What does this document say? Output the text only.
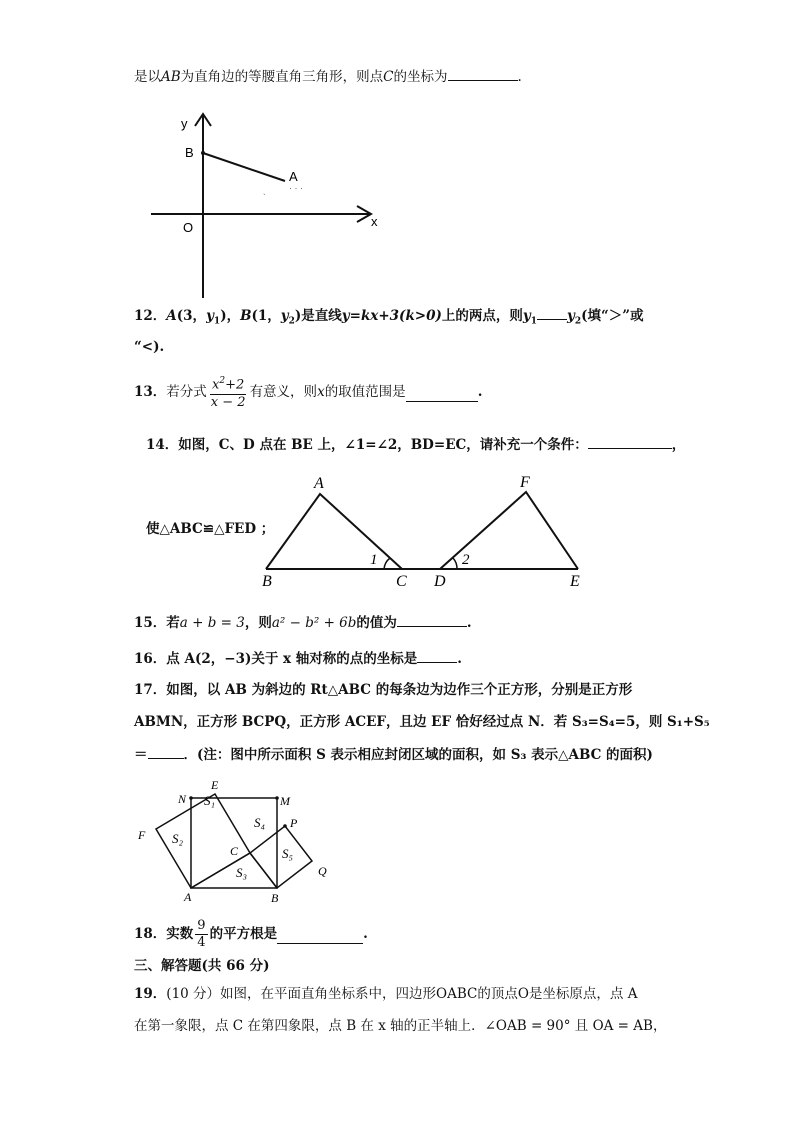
是以AB为直角边的等腰直角三角形，则点C的坐标为	.
· · ·
`
y
B
A
O	x
12．A(3，$y_1$)，B(1，$y_2$)是直线y=kx+3(k>0)上的两点，则$y_1$ $y_2$(填“＞”或
“<).
13． 若分式 $\frac{x^2+2}{x - 2}$ 有意义，则 x 的取值范围是	.
14．如图，C、D 点在 BE 上，∠1=∠2，BD=EC，请补充一个条件：	，
使△ABC≌△FED ；
A
B	C D	E
F
1	2
15．若a + b = 3，则a² − b² + 6b的值为	.
16．点 A(2，−3)关于 x 轴对称的点的坐标是	.
17．如图，以 AB 为斜边的 Rt△ABC 的每条边为边作三个正方形，分别是正方形
ABMN，正方形 BCPQ，正方形 ACEF，且边 EF 恰好经过点 N．若 S₃=S₄=5，则 S₁+S₅
＝	．(注：图中所示面积 S 表示相应封闭区域的面积，如 S₃ 表示△ABC 的面积)
E
N	M
F
P
Q
A	B
C
S₁
S₂
S₃
S₄
S₅
18． 实数 $\frac{9}{4}$ 的平方根是	.
三、解答题(共 66 分)
19．(10 分）如图，在平面直角坐标系中，四边形OABC的顶点O是坐标原点，点 A
在第一象限，点 C 在第四象限，点 B 在 x 轴的正半轴上．∠OAB = 90° 且 OA = AB，
